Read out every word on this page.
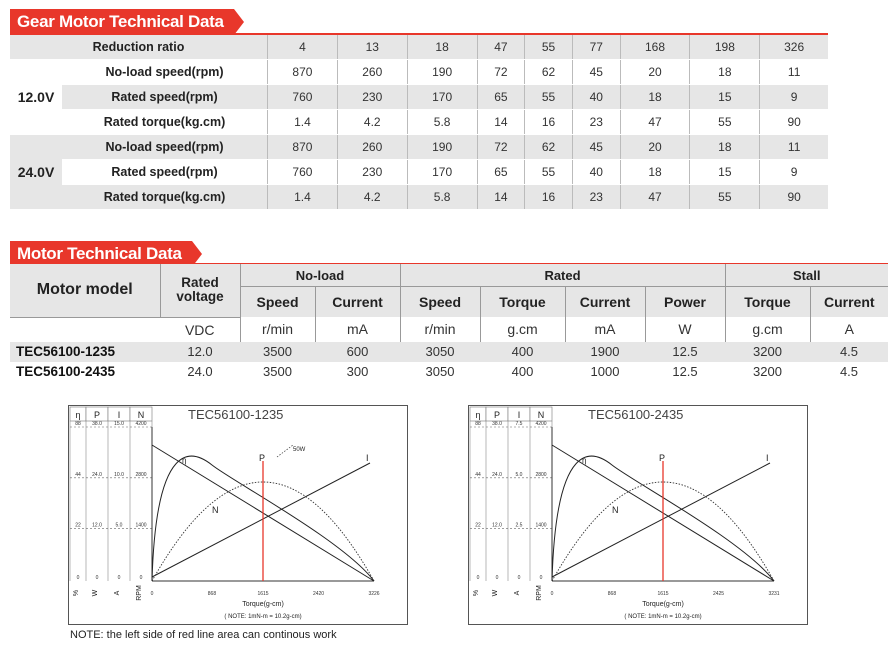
Gear Motor Technical Data
Reduction ratio		4	13	18	47	55	77	168	198	326	
12.0V	No-load speed(rpm)	870	260	190	72	62	45	20	18	11	
	Rated speed(rpm)	760	230	170	65	55	40	18	15	9	
	Rated torque(kg.cm)	1.4	4.2	5.8	14	16	23	47	55	90	
24.0V	No-load speed(rpm)	870	260	190	72	62	45	20	18	11	
	Rated speed(rpm)	760	230	170	65	55	40	18	15	9	
	Rated torque(kg.cm)	1.4	4.2	5.8	14	16	23	47	55	90	
Motor Technical Data
Motor model	Rated voltage	No-load		Rated				Stall	
		Speed	Current	Speed	Torque	Current	Power	Torque	Current
	VDC	r/min	mA	r/min	g.cm	mA	W	g.cm	A
TEC56100-1235	12.0	3500	600	3050	400	1900	12.5	3200	4.5
TEC56100-2435	24.0	3500	300	3050	400	1000	12.5	3200	4.5
η P I N
88 38.0 15.0 4200
44 24.0 10.0 2800
22 12.0	5.0	1400
0	0	0	0
% W A RPM
TEC56100-1235
0	868	1615	2420	3226
Torque(g-cm)
( NOTE: 1mN-m = 10.2g-cm)
η	P
N
I
50W
η P I N
88 38.0	7.5	4200
44 24.0	5.0	2800
22 12.0	2.5	1400
0	0	0	0
% W A RPM
TEC56100-2435
0	868	1615	2425	3231
Torque(g-cm)
( NOTE: 1mN-m = 10.2g-cm)
η	P
N
I
NOTE: the left side of red line area can continous work
